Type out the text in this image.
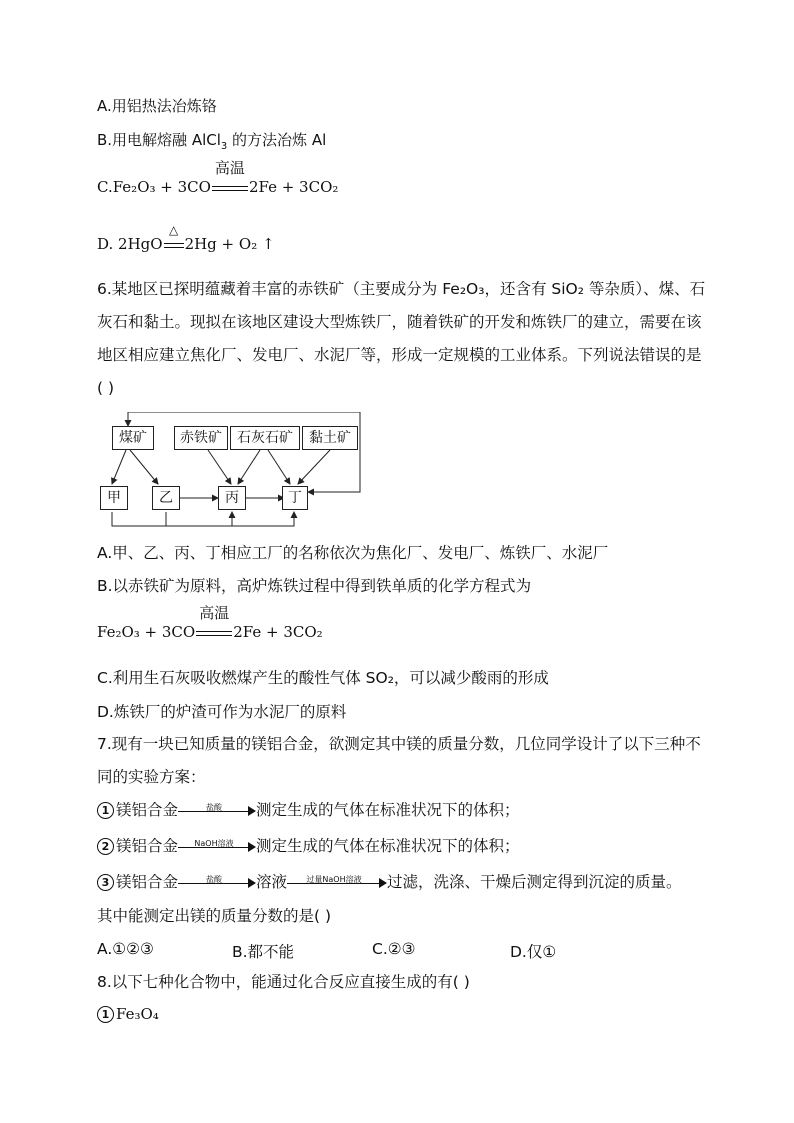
A.用铝热法冶炼铬
B.用电解熔融 AlCl$_3$ 的方法冶炼 Al
C.Fe₂O₃ + 3CO
高温
2Fe + 3CO₂
D. 2HgO
△
2Hg + O₂ ↑
6.某地区已探明蕴藏着丰富的赤铁矿（主要成分为 Fe₂O₃，还含有 SiO₂ 等杂质）、煤、石灰石和黏土。现拟在该地区建设大型炼铁厂，随着铁矿的开发和炼铁厂的建立，需要在该地区相应建立焦化厂、发电厂、水泥厂等，形成一定规模的工业体系。下列说法错误的是( )
煤矿	赤铁矿	石灰石矿	黏土矿
甲	乙	丙	丁
A.甲、乙、丙、丁相应工厂的名称依次为焦化厂、发电厂、炼铁厂、水泥厂
B.以赤铁矿为原料，高炉炼铁过程中得到铁单质的化学方程式为
Fe₂O₃ + 3CO
高温
2Fe + 3CO₂
C.利用生石灰吸收燃煤产生的酸性气体 SO₂，可以减少酸雨的形成
D.炼铁厂的炉渣可作为水泥厂的原料
7.现有一块已知质量的镁铝合金，欲测定其中镁的质量分数，几位同学设计了以下三种不同的实验方案：
1 镁铝合金	盐酸	测定生成的气体在标准状况下的体积；
2 镁铝合金	NaOH溶液	测定生成的气体在标准状况下的体积；
3 镁铝合金	盐酸	溶液	过量NaOH溶液	过滤，洗涤、干燥后测定得到沉淀的质量。
其中能测定出镁的质量分数的是( )
A.①②③	B.都不能	C.②③	D.仅①
8.以下七种化合物中，能通过化合反应直接生成的有( )
1 Fe₃O₄
